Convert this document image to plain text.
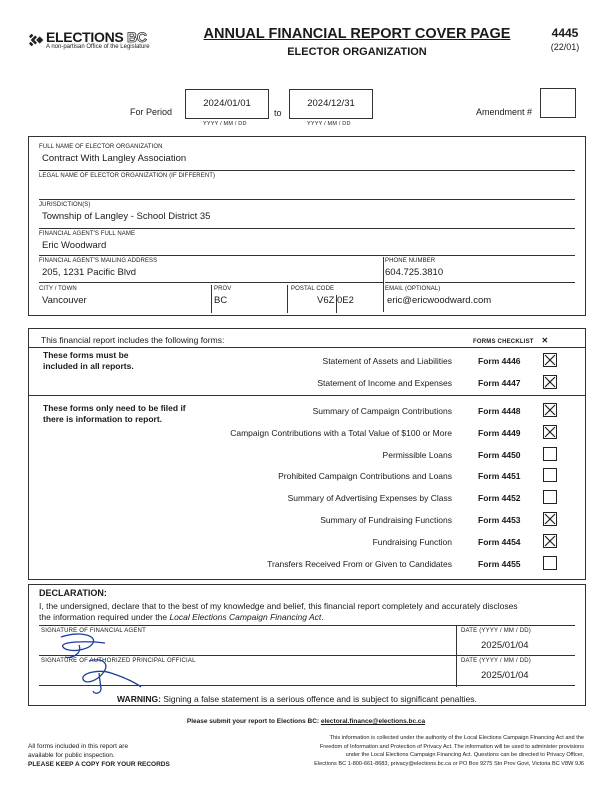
ELECTIONS BC
A non-partisan Office of the Legislature
ANNUAL FINANCIAL REPORT COVER PAGE
ELECTOR ORGANIZATION
4445
(22/01)
For Period
2024/01/01
YYYY / MM / DD
to
2024/12/31
YYYY / MM / DD
Amendment #
FULL NAME OF ELECTOR ORGANIZATION
Contract With Langley Association
LEGAL NAME OF ELECTOR ORGANIZATION (IF DIFFERENT)
JURISDICTION(S)
Township of Langley - School District 35
FINANCIAL AGENT'S FULL NAME
Eric Woodward
FINANCIAL AGENT'S MAILING ADDRESS
205, 1231 Pacific Blvd
PHONE NUMBER
604.725.3810
CITY / TOWN
Vancouver
PROV
BC
POSTAL CODE
V6Z 0E2
EMAIL (OPTIONAL)
eric@ericwoodward.com
This financial report includes the following forms:	FORMS CHECKLIST ✕
These forms must be included in all reports.	Statement of Assets and Liabilities	Form 4446
Statement of Income and Expenses	Form 4447
These forms only need to be filed if there is information to report.
Summary of Campaign Contributions	Form 4448
Campaign Contributions with a Total Value of $100 or More	Form 4449
Permissible Loans	Form 4450
Prohibited Campaign Contributions and Loans	Form 4451
Summary of Advertising Expenses by Class	Form 4452
Summary of Fundraising Functions	Form 4453
Fundraising Function	Form 4454
Transfers Received From or Given to Candidates	Form 4455
DECLARATION:
I, the undersigned, declare that to the best of my knowledge and belief, this financial report completely and accurately discloses
the information required under the Local Elections Campaign Financing Act.
SIGNATURE OF FINANCIAL AGENT	DATE (YYYY / MM / DD)
2025/01/04
SIGNATURE OF AUTHORIZED PRINCIPAL OFFICIAL	DATE (YYYY / MM / DD)
2025/01/04
WARNING: Signing a false statement is a serious offence and is subject to significant penalties.
Please submit your report to Elections BC: electoral.finance@elections.bc.ca
All forms included in this report are
available for public inspection.
PLEASE KEEP A COPY FOR YOUR RECORDS
This information is collected under the authority of the Local Elections Campaign Financing Act and the
Freedom of Information and Protection of Privacy Act. The information will be used to administer provisions
under the Local Elections Campaign Financing Act. Questions can be directed to Privacy Officer,
Elections BC 1-800-661-8683, privacy@elections.bc.ca or PO Box 9275 Stn Prov Govt, Victoria BC V8W 9J6
